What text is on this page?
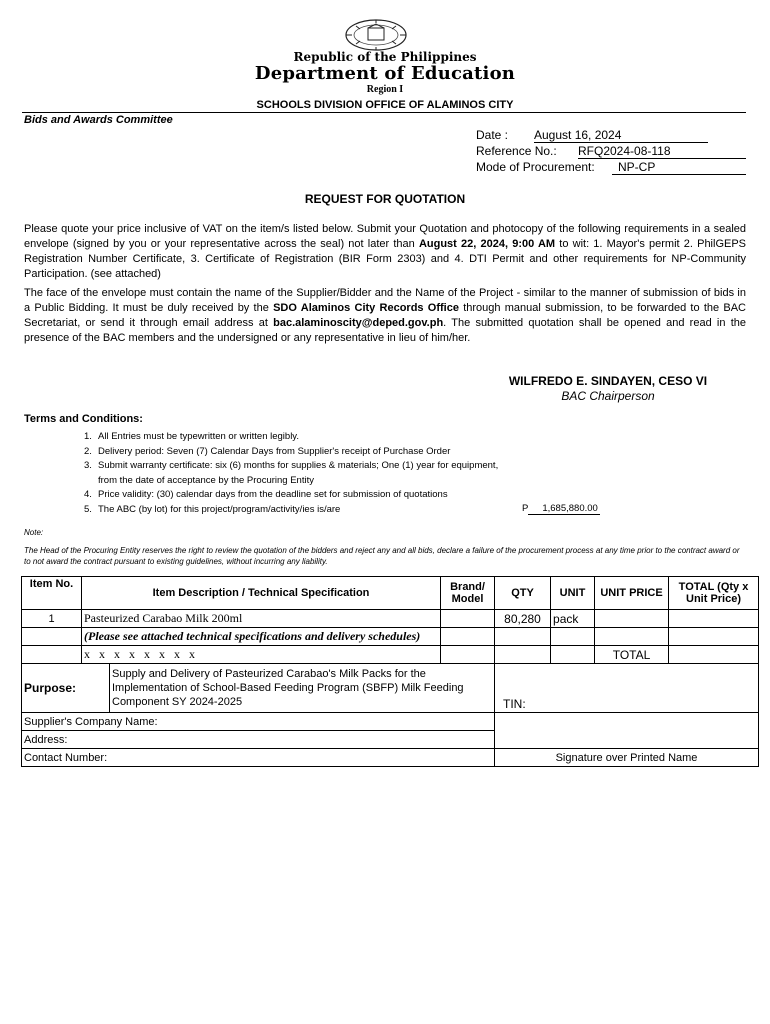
Republic of the Philippines
Department of Education
Region I
SCHOOLS DIVISION OFFICE OF ALAMINOS CITY
Bids and Awards Committee
Date : August 16, 2024
Reference No.: RFQ2024-08-118
Mode of Procurement:	NP-CP
REQUEST FOR QUOTATION
Please quote your price inclusive of VAT on the item/s listed below. Submit your Quotation and photocopy of the following requirements in a sealed envelope (signed by you or your representative across the seal) not later than August 22, 2024, 9:00 AM to wit: 1. Mayor's permit 2. PhilGEPS Registration Number Certificate, 3. Certificate of Registration (BIR Form 2303) and 4. DTI Permit and other requirements for NP-Community Participation. (see attached)
The face of the envelope must contain the name of the Supplier/Bidder and the Name of the Project - similar to the manner of submission of bids in a Public Bidding. It must be duly received by the SDO Alaminos City Records Office through manual submission, to be forwarded to the BAC Secretariat, or send it through email address at bac.alaminoscity@deped.gov.ph. The submitted quotation shall be opened and read in the presence of the BAC members and the undersigned or any representative in lieu of him/her.
WILFREDO E. SINDAYEN, CESO VI
BAC Chairperson
Terms and Conditions:
1. All Entries must be typewritten or written legibly.
2. Delivery period: Seven (7) Calendar Days from Supplier's receipt of Purchase Order
3. Submit warranty certificate: six (6) months for supplies & materials; One (1) year for equipment,
from the date of acceptance by the Procuring Entity
4. Price validity: (30) calendar days from the deadline set for submission of quotations
5. The ABC (by lot) for this project/program/activity/ies is/are	P 1,685,880.00
Note:
The Head of the Procuring Entity reserves the right to review the quotation of the bidders and reject any and all bids, declare a failure of the procurement process at any time prior to the contract award or to not award the contract pursuant to existing guidelines, without incurring any liability.
Item No.	Item Description / Technical Specification		Brand/ Model	QTY	UNIT	UNIT PRICE	TOTAL (Qty x Unit Price)
1	Pasteurized Carabao Milk 200ml			80,280	pack		
	(Please see attached technical specifications and delivery schedules)						
	x   x   x   x   x   x   x   x					TOTAL	
Purpose:		Supply and Delivery of Pasteurized Carabao's Milk Packs for the Implementation of School-Based Feeding Program (SBFP) Milk Feeding Component SY 2024-2025		TIN:			
Supplier's Company Name:							
Address:							
Contact Number:				Signature over Printed Name			
